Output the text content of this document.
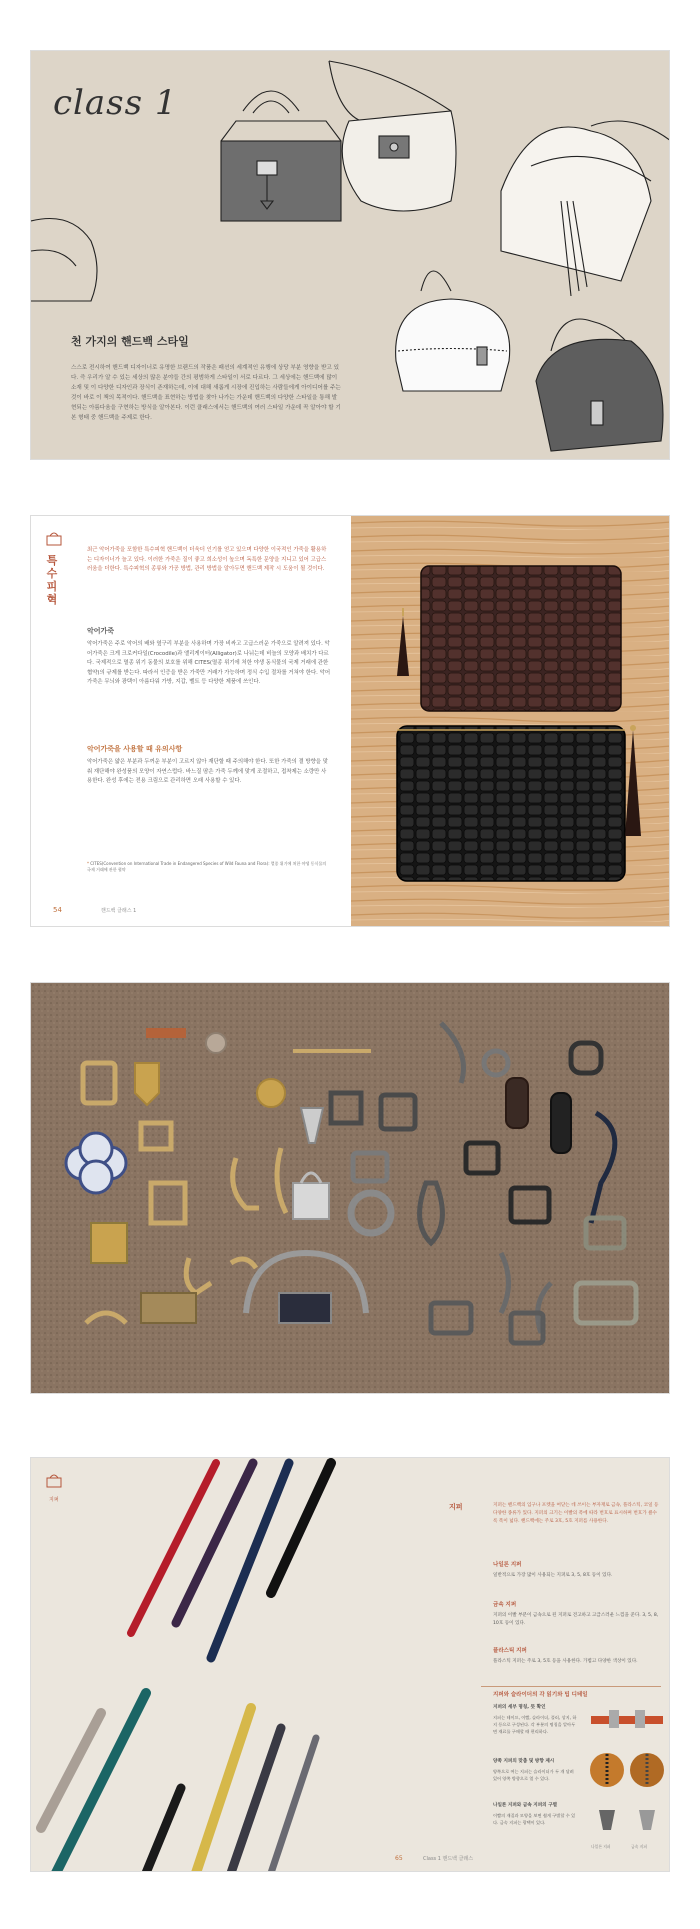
class 1
천 가지의 핸드백 스타일

스스로 전시하여 핸드백 디자이너로 유명한 브랜드의 작품은 패션의 세계적인 유행에 상당 부분 영향을 받고 있다. 즉 우리가 알 수 있는 세상의 많은 분야들 간의 평범하게 스타일이 서로 다르다. 그 세상에는 핸드백에 많이 소재 및 이 다양한 디자인과 장식이 존재하는데, 이에 대해 새롭게 시장에 진입하는 사람들에게 아이디어를 주는 것이 바로 이 책의 목적이다. 핸드백을 표현하는 방법을 찾아 나가는 가운데 핸드백의 다양한 스타일을 통해 발현되는 아름다움을 구현하는 방식을 알아본다. 이런 클래스에서는 핸드백의 여러 스타일 가운데 꼭 알아야 할 기본 형태 중 핸드백을 주제로 한다.

특수피혁

최근 악어가죽을 포함한 특수피혁 핸드백이 더욱더 인기를 얻고 있으며 다양한 이국적인 가죽을 활용하는 디자이너가 늘고 있다. 이러한 가죽은 질이 좋고 희소성이 높으며 독특한 문양을 지니고 있어 고급스러움을 더한다. 특수피혁의 종류와 가공 방법, 관리 방법을 알아두면 핸드백 제작 시 도움이 될 것이다.

악어가죽

악어가죽은 주로 악어의 배와 옆구리 부분을 사용하며 가장 비싸고 고급스러운 가죽으로 알려져 있다. 악어가죽은 크게 크로커다일(Crocodile)과 앨리게이터(Alligator)로 나뉘는데 비늘의 모양과 배치가 다르다. 국제적으로 멸종 위기 동물의 보호를 위해 CITES(멸종 위기에 처한 야생 동식물의 국제 거래에 관한 협약)의 규제를 받는다. 따라서 인증을 받은 가죽만 거래가 가능하며 정식 수입 절차를 거쳐야 한다. 악어가죽은 무늬와 광택이 아름다워 가방, 지갑, 벨트 등 다양한 제품에 쓰인다.

악어가죽을 사용할 때 유의사항

악어가죽은 얇은 부분과 두꺼운 부분이 고르지 않아 재단할 때 주의해야 한다. 또한 가죽의 결 방향을 맞춰 재단해야 완성품의 모양이 자연스럽다. 바느질 땀은 가죽 두께에 맞게 조절하고, 접착제는 소량만 사용한다. 완성 후에는 전용 크림으로 관리하면 오래 사용할 수 있다.

* CITES(Convention on International Trade in Endangered Species of Wild Fauna and Flora): 멸종 위기에 처한 야생 동식물의 국제 거래에 관한 협약

54	핸드백 클래스 1
지퍼
지퍼	지퍼는 핸드백의 입구나 포켓을 여닫는 데 쓰이는 부자재로 금속, 플라스틱, 코일 등 다양한 종류가 있다. 지퍼의 크기는 이빨의 폭에 따라 번호로 표시하며 번호가 클수록 폭이 넓다. 핸드백에는 주로 3호, 5호 지퍼를 사용한다.

나일론 지퍼

일반적으로 가장 많이 사용되는 지퍼로 3, 5, 8호 등이 있다.

금속 지퍼

지퍼의 이빨 부분이 금속으로 된 지퍼로 견고하고 고급스러운 느낌을 준다. 3, 5, 8, 10호 등이 있다.

플라스틱 지퍼

플라스틱 지퍼는 주로 3, 5호 등을 사용한다. 가볍고 다양한 색상이 있다.

지퍼와 슬라이더의 각 읽기와 팁 디테일
지퍼의 세부 명칭, 뜻 확인

지퍼는 테이프, 이빨, 슬라이더, 풀러, 상지, 하지 등으로 구성된다. 각 부분의 명칭을 알아두면 재료를 구매할 때 편리하다.

양쪽 지퍼의 맞춤 및 방향 제시

양쪽으로 여는 지퍼는 슬라이더가 두 개 달려 있어 양쪽 방향으로 열 수 있다.

나일론 지퍼와 금속 지퍼의 구별

이빨의 재질과 모양을 보면 쉽게 구별할 수 있다. 금속 지퍼는 광택이 있다.

나일론 지퍼	금속 지퍼
65	Class 1 핸드백 클래스
